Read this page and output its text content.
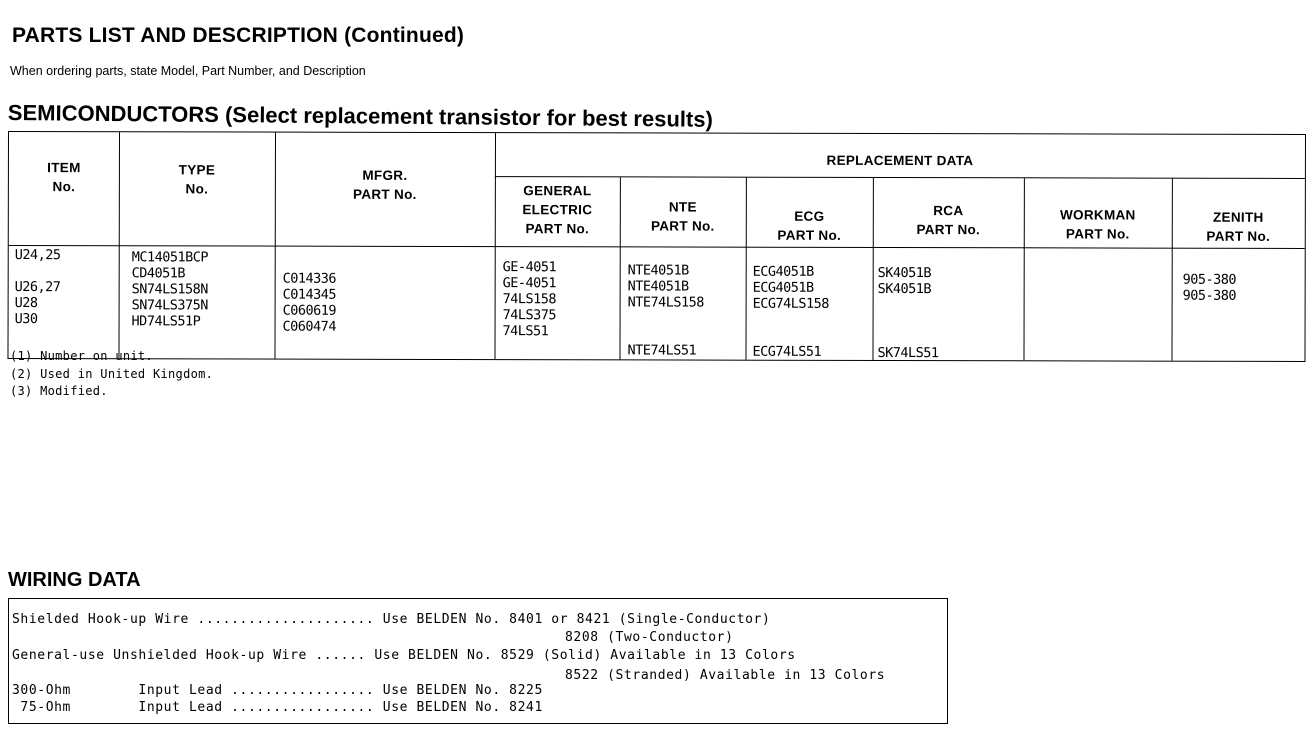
PARTS LIST AND DESCRIPTION (Continued)
When ordering parts, state Model, Part Number, and Description
SEMICONDUCTORS (Select replacement transistor for best results)
ITEM
No.
TYPE
No.
MFGR.
PART No.
REPLACEMENT DATA
GENERAL
ELECTRIC
PART No.
NTE
PART No.
ECG
PART No.
RCA
PART No.
WORKMAN
PART No.
ZENITH
PART No.
U24,25
U26,27
U28
U30
MC14051BCP
CD4051B
SN74LS158N
SN74LS375N
HD74LS51P
C014336
C014345
C060619
C060474
GE-4051
GE-4051
74LS158
74LS375
74LS51
NTE4051B
NTE4051B
NTE74LS158
NTE74LS51
ECG4051B
ECG4051B
ECG74LS158
ECG74LS51
SK4051B
SK4051B
SK74LS51
905-380
905-380
(1) Number on unit.
(2) Used in United Kingdom.
(3) Modified.
WIRING DATA
Shielded Hook-up Wire ..................... Use BELDEN No. 8401 or 8421 (Single-Conductor)
8208 (Two-Conductor)
General-use Unshielded Hook-up Wire ...... Use BELDEN No. 8529 (Solid) Available in 13 Colors
8522 (Stranded) Available in 13 Colors
300-Ohm        Input Lead ................. Use BELDEN No. 8225
75-Ohm        Input Lead ................. Use BELDEN No. 8241
